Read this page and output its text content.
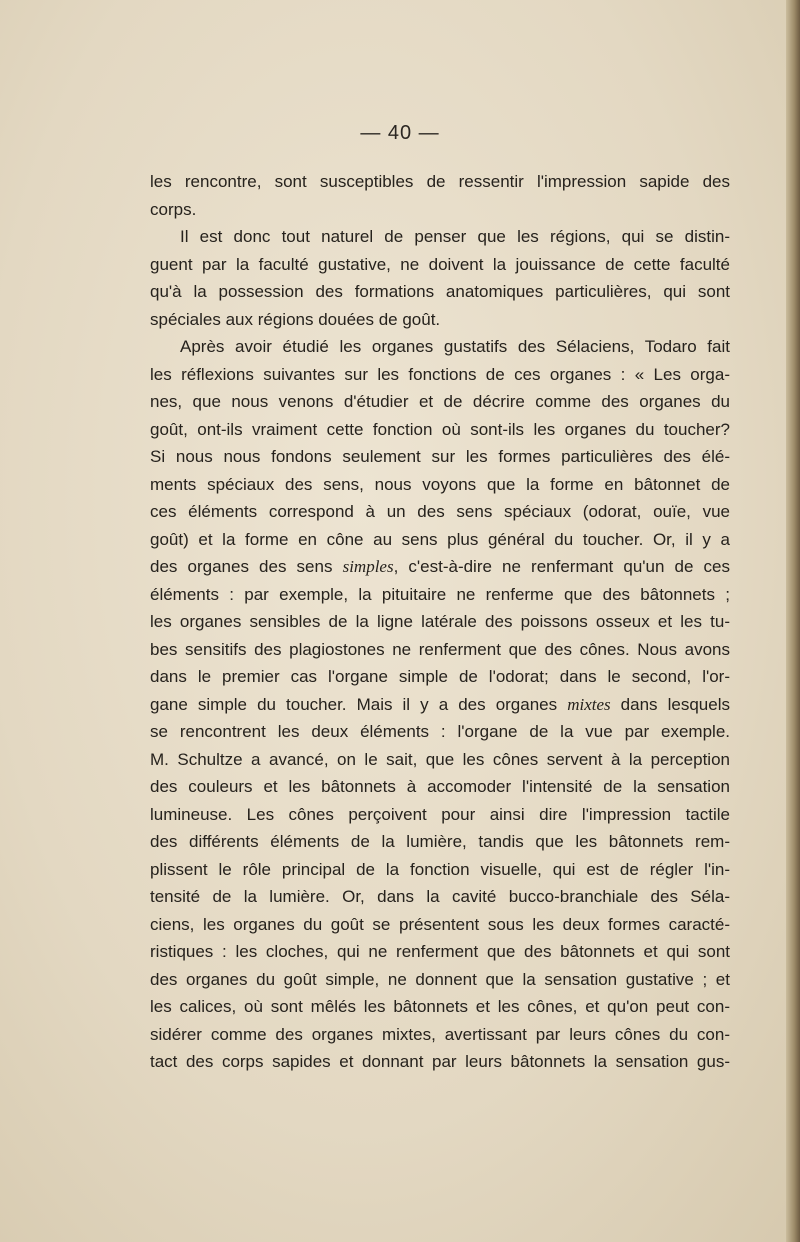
— 40 —
les rencontre, sont susceptibles de ressentir l'impression sapide des
corps.
Il est donc tout naturel de penser que les régions, qui se distin-
guent par la faculté gustative, ne doivent la jouissance de cette faculté
qu'à la possession des formations anatomiques particulières, qui sont
spéciales aux régions douées de goût.
Après avoir étudié les organes gustatifs des Sélaciens, Todaro fait
les réflexions suivantes sur les fonctions de ces organes : « Les orga-
nes, que nous venons d'étudier et de décrire comme des organes du
goût, ont-ils vraiment cette fonction où sont-ils les organes du toucher?
Si nous nous fondons seulement sur les formes particulières des élé-
ments spéciaux des sens, nous voyons que la forme en bâtonnet de
ces éléments correspond à un des sens spéciaux (odorat, ouïe, vue
goût) et la forme en cône au sens plus général du toucher. Or, il y a
des organes des sens simples, c'est-à-dire ne renfermant qu'un de ces
éléments : par exemple, la pituitaire ne renferme que des bâtonnets ;
les organes sensibles de la ligne latérale des poissons osseux et les tu-
bes sensitifs des plagiostones ne renferment que des cônes. Nous avons
dans le premier cas l'organe simple de l'odorat; dans le second, l'or-
gane simple du toucher. Mais il y a des organes mixtes dans lesquels
se rencontrent les deux éléments : l'organe de la vue par exemple.
M. Schultze a avancé, on le sait, que les cônes servent à la perception
des couleurs et les bâtonnets à accomoder l'intensité de la sensation
lumineuse. Les cônes perçoivent pour ainsi dire l'impression tactile
des différents éléments de la lumière, tandis que les bâtonnets rem-
plissent le rôle principal de la fonction visuelle, qui est de régler l'in-
tensité de la lumière. Or, dans la cavité bucco-branchiale des Séla-
ciens, les organes du goût se présentent sous les deux formes caracté-
ristiques : les cloches, qui ne renferment que des bâtonnets et qui sont
des organes du goût simple, ne donnent que la sensation gustative ; et
les calices, où sont mêlés les bâtonnets et les cônes, et qu'on peut con-
sidérer comme des organes mixtes, avertissant par leurs cônes du con-
tact des corps sapides et donnant par leurs bâtonnets la sensation gus-
